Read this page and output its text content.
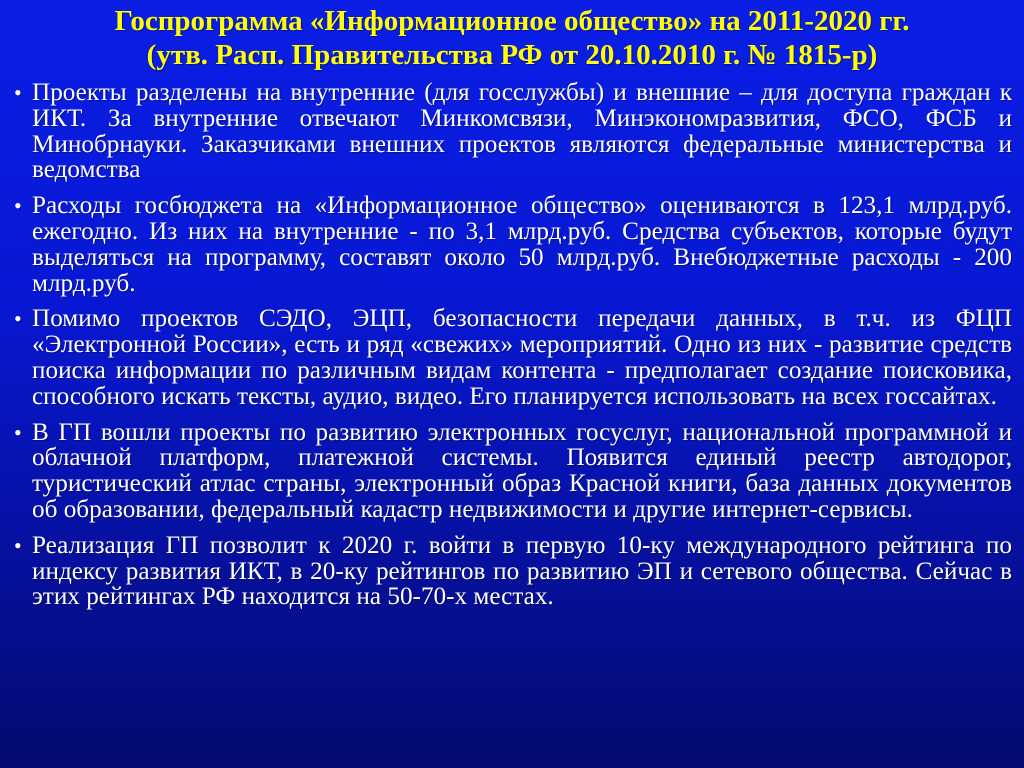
Госпрограмма «Информационное общество» на 2011-2020 гг.
(утв. Расп. Правительства РФ от 20.10.2010 г. № 1815-р)
• Проекты разделены на внутренние (для госслужбы) и внешние – для доступа граждан к ИКТ. За внутренние отвечают Минкомсвязи, Минэкономразвития, ФСО, ФСБ и Минобрнауки. Заказчиками внешних проектов являются федеральные министерства и ведомства
• Расходы госбюджета на «Информационное общество» оцениваются в 123,1 млрд.руб. ежегодно. Из них на внутренние - по 3,1 млрд.руб. Средства субъектов, которые будут выделяться на программу, составят около 50 млрд.руб. Внебюджетные расходы - 200 млрд.руб.
• Помимо проектов СЭДО, ЭЦП, безопасности передачи данных, в т.ч. из ФЦП «Электронной России», есть и ряд «свежих» мероприятий. Одно из них - развитие средств поиска информации по различным видам контента - предполагает создание поисковика, способного искать тексты, аудио, видео. Его планируется использовать на всех госсайтах.
• В ГП вошли проекты по развитию электронных госуслуг, национальной программной и облачной платформ, платежной системы. Появится единый реестр автодорог, туристический атлас страны, электронный образ Красной книги, база данных документов об образовании, федеральный кадастр недвижимости и другие интернет-сервисы.
• Реализация ГП позволит к 2020 г. войти в первую 10-ку международного рейтинга по индексу развития ИКТ, в 20-ку рейтингов по развитию ЭП и сетевого общества. Сейчас в этих рейтингах РФ находится на 50-70-х местах.
